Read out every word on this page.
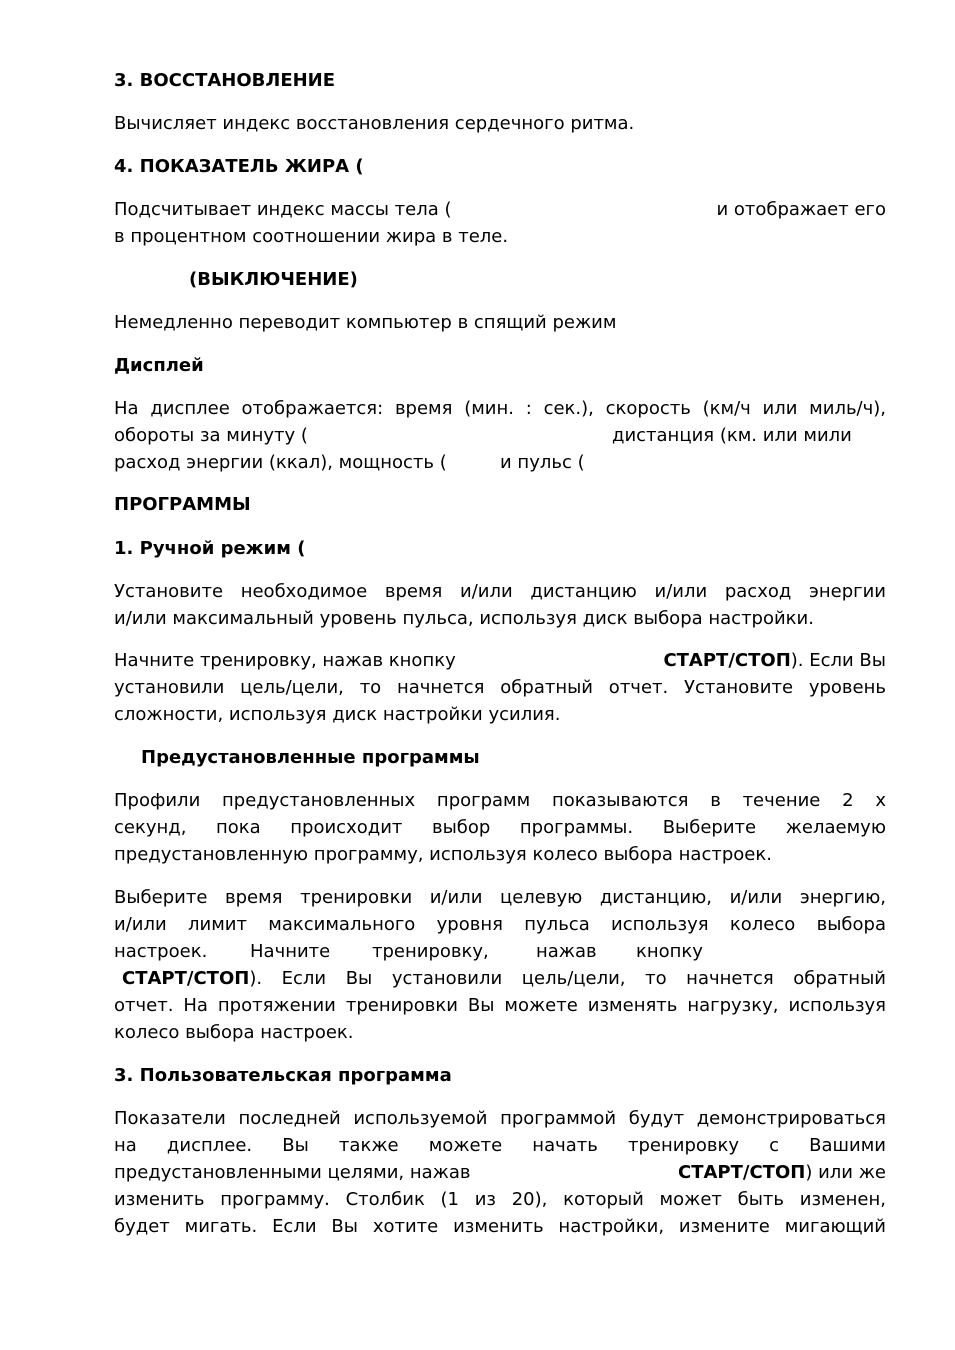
3. ВОССТАНОВЛЕНИЕ

Вычисляет индекс восстановления сердечного ритма.

4. ПОКАЗАТЕЛЬ ЖИРА (

Подсчитывает индекс массы тела (	и отображает его

в процентном соотношении жира в теле.

(ВЫКЛЮЧЕНИЕ)

Немедленно переводит компьютер в спящий режим

Дисплей

На дисплее отображается: время (мин. : сек.), скорость (км/ч или миль/ч),

обороты за минуту (	дистанция (км. или мили

расход энергии (ккал), мощность (	и пульс (

ПРОГРАММЫ

1. Ручной режим (

Установите необходимое время и/или дистанцию и/или расход энергии

и/или максимальный уровень пульса, используя диск выбора настройки.

Начните тренировку, нажав кнопку	СТАРТ/СТОП). Если Вы

установили цель/цели, то начнется обратный отчет. Установите уровень

сложности, используя диск настройки усилия.

Предустановленные программы

Профили предустановленных программ показываются в течение 2 х

секунд, пока происходит выбор программы. Выберите желаемую

предустановленную программу, используя колесо выбора настроек.

Выберите время тренировки и/или целевую дистанцию, и/или энергию,

и/или лимит максимального уровня пульса используя колесо выбора

настроек. Начните тренировку,	нажав кнопку

СТАРТ/СТОП). Если Вы установили цель/цели, то начнется обратный

отчет. На протяжении тренировки Вы можете изменять нагрузку, используя

колесо выбора настроек.

3. Пользовательская программа

Показатели последней используемой программой будут демонстрироваться

на дисплее. Вы также можете начать тренировку с Вашими

предустановленными целями, нажав	СТАРТ/СТОП) или же

изменить программу. Столбик (1 из 20), который может быть изменен,

будет мигать. Если Вы хотите изменить настройки, измените мигающий
